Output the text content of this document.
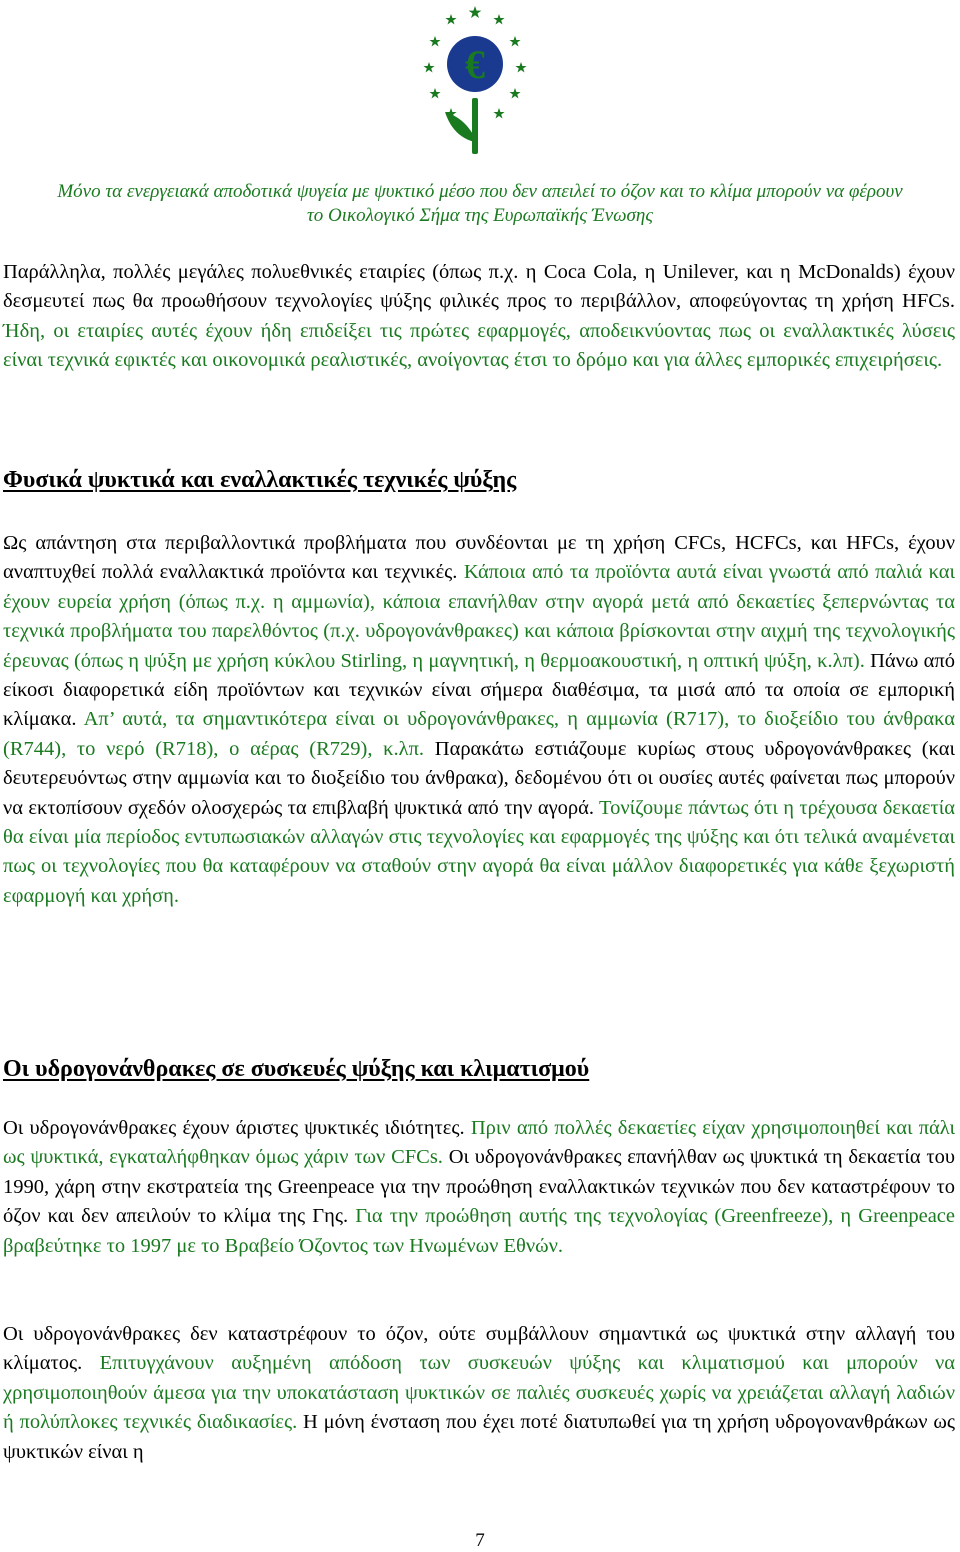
€
Μόνο τα ενεργειακά αποδοτικά ψυγεία με ψυκτικό μέσο που δεν απειλεί το όζον και το κλίμα μπορούν να φέρουν
το Οικολογικό Σήμα της Ευρωπαϊκής Ένωσης

Παράλληλα, πολλές μεγάλες πολυεθνικές εταιρίες (όπως π.χ. η Coca Cola, η Unilever, και η McDonalds) έχουν δεσμευτεί πως θα προωθήσουν τεχνολογίες ψύξης φιλικές προς το περιβάλλον, αποφεύγοντας τη χρήση HFCs. Ήδη, οι εταιρίες αυτές έχουν ήδη επιδείξει τις πρώτες εφαρμογές, αποδεικνύοντας πως οι εναλλακτικές λύσεις είναι τεχνικά εφικτές και οικονομικά ρεαλιστικές, ανοίγοντας έτσι το δρόμο και για άλλες εμπορικές επιχειρήσεις.

Φυσικά ψυκτικά και εναλλακτικές τεχνικές ψύξης

Ως απάντηση στα περιβαλλοντικά προβλήματα που συνδέονται με τη χρήση CFCs, HCFCs, και HFCs, έχουν αναπτυχθεί πολλά εναλλακτικά προϊόντα και τεχνικές. Κάποια από τα προϊόντα αυτά είναι γνωστά από παλιά και έχουν ευρεία χρήση (όπως π.χ. η αμμωνία), κάποια επανήλθαν στην αγορά μετά από δεκαετίες ξεπερνώντας τα τεχνικά προβλήματα του παρελθόντος (π.χ. υδρογονάνθρακες) και κάποια βρίσκονται στην αιχμή της τεχνολογικής έρευνας (όπως η ψύξη με χρήση κύκλου Stirling, η μαγνητική, η θερμοακουστική, η οπτική ψύξη, κ.λπ). Πάνω από είκοσι διαφορετικά είδη προϊόντων και τεχνικών είναι σήμερα διαθέσιμα, τα μισά από τα οποία σε εμπορική κλίμακα. Απ’ αυτά, τα σημαντικότερα είναι οι υδρογονάνθρακες, η αμμωνία (R717), το διοξείδιο του άνθρακα (R744), το νερό (R718), ο αέρας (R729), κ.λπ. Παρακάτω εστιάζουμε κυρίως στους υδρογονάνθρακες (και δευτερευόντως στην αμμωνία και το διοξείδιο του άνθρακα), δεδομένου ότι οι ουσίες αυτές φαίνεται πως μπορούν να εκτοπίσουν σχεδόν ολοσχερώς τα επιβλαβή ψυκτικά από την αγορά. Τονίζουμε πάντως ότι η τρέχουσα δεκαετία θα είναι μία περίοδος εντυπωσιακών αλλαγών στις τεχνολογίες και εφαρμογές της ψύξης και ότι τελικά αναμένεται πως οι τεχνολογίες που θα καταφέρουν να σταθούν στην αγορά θα είναι μάλλον διαφορετικές για κάθε ξεχωριστή εφαρμογή και χρήση.

Οι υδρογονάνθρακες σε συσκευές ψύξης και κλιματισμού

Οι υδρογονάνθρακες έχουν άριστες ψυκτικές ιδιότητες. Πριν από πολλές δεκαετίες είχαν χρησιμοποιηθεί και πάλι ως ψυκτικά, εγκαταλήφθηκαν όμως χάριν των CFCs. Οι υδρογονάνθρακες επανήλθαν ως ψυκτικά τη δεκαετία του 1990, χάρη στην εκστρατεία της Greenpeace για την προώθηση εναλλακτικών τεχνικών που δεν καταστρέφουν το όζον και δεν απειλούν το κλίμα της Γης. Για την προώθηση αυτής της τεχνολογίας (Greenfreeze), η Greenpeace βραβεύτηκε το 1997 με το Βραβείο Όζοντος των Ηνωμένων Εθνών.

Οι υδρογονάνθρακες δεν καταστρέφουν το όζον, ούτε συμβάλλουν σημαντικά ως ψυκτικά στην αλλαγή του κλίματος. Επιτυγχάνουν αυξημένη απόδοση των συσκευών ψύξης και κλιματισμού και μπορούν να χρησιμοποιηθούν άμεσα για την υποκατάσταση ψυκτικών σε παλιές συσκευές χωρίς να χρειάζεται αλλαγή λαδιών ή πολύπλοκες τεχνικές διαδικασίες. Η μόνη ένσταση που έχει ποτέ διατυπωθεί για τη χρήση υδρογονανθράκων ως ψυκτικών είναι η

7
